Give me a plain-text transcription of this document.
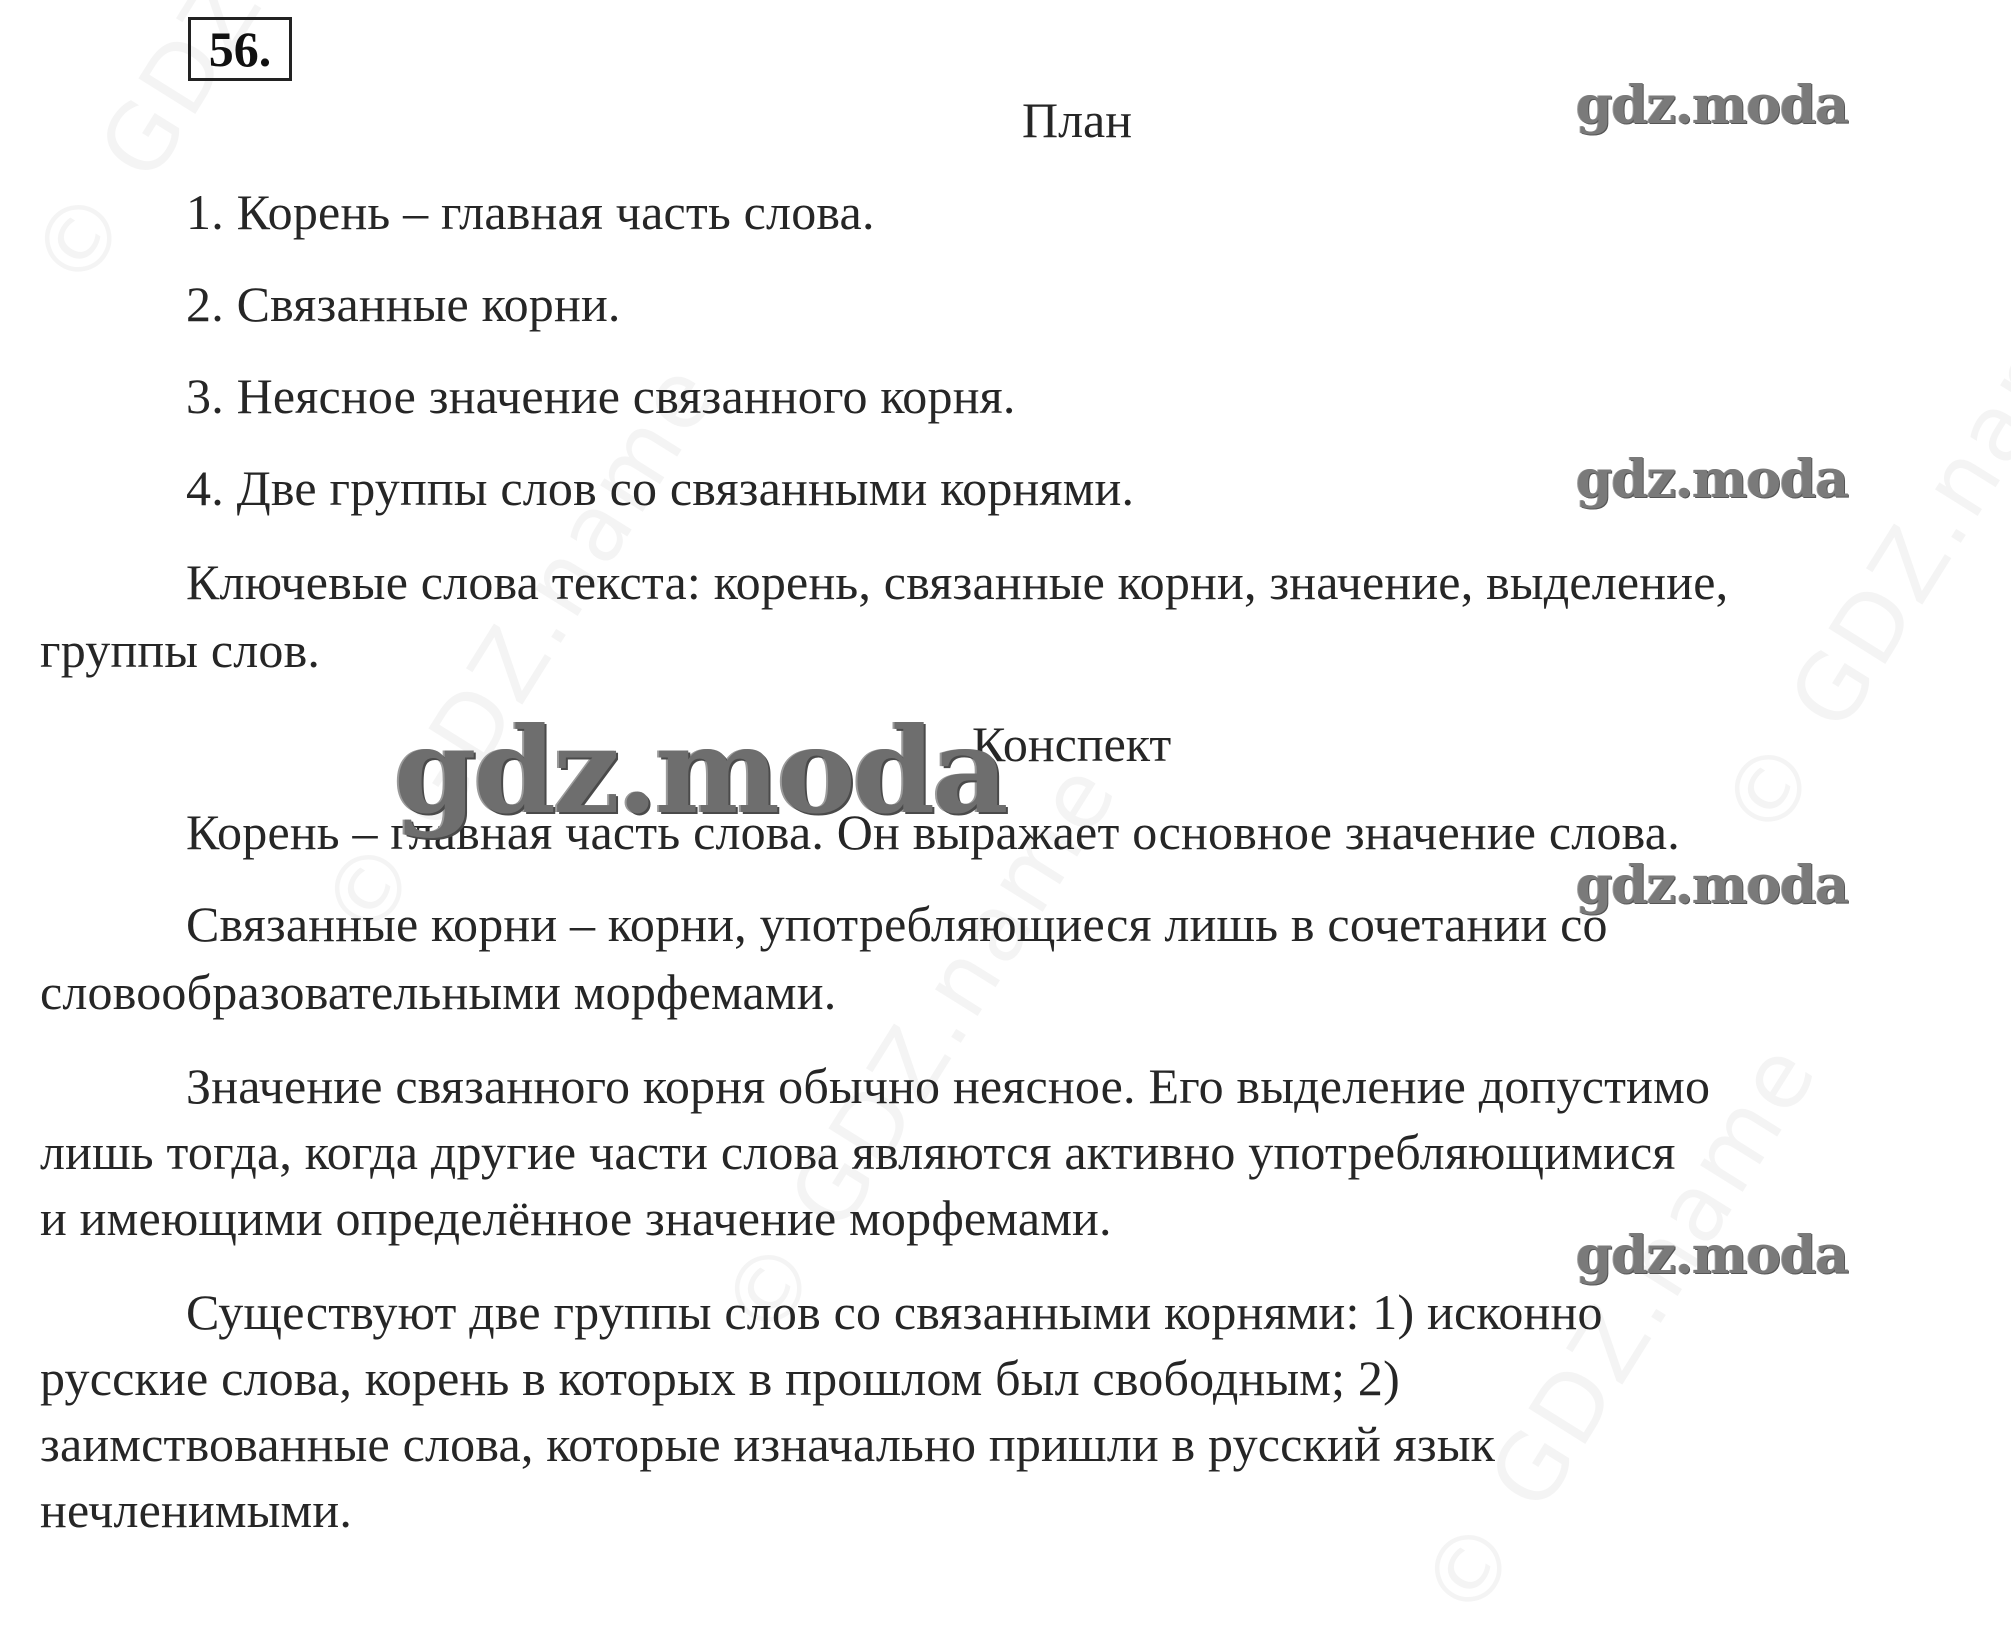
56.
План
1. Корень – главная часть слова.
2. Связанные корни.
3. Неясное значение связанного корня.
4. Две группы слов со связанными корнями.
Ключевые слова текста: корень, связанные корни, значение, выделение,
группы слов.
Конспект
Корень – главная часть слова. Он выражает основное значение слова.
Связанные корни – корни, употребляющиеся лишь в сочетании со
словообразовательными морфемами.
Значение связанного корня обычно неясное. Его выделение допустимо
лишь тогда, когда другие части слова являются активно употребляющимися
и имеющими определённое значение морфемами.
Существуют две группы слов со связанными корнями: 1) исконно
русские слова, корень в которых в прошлом был свободным; 2)
заимствованные слова, которые изначально пришли в русский язык
нечленимыми.
gdz.moda
gdz.moda
gdz.moda
gdz.moda
gdz.moda
